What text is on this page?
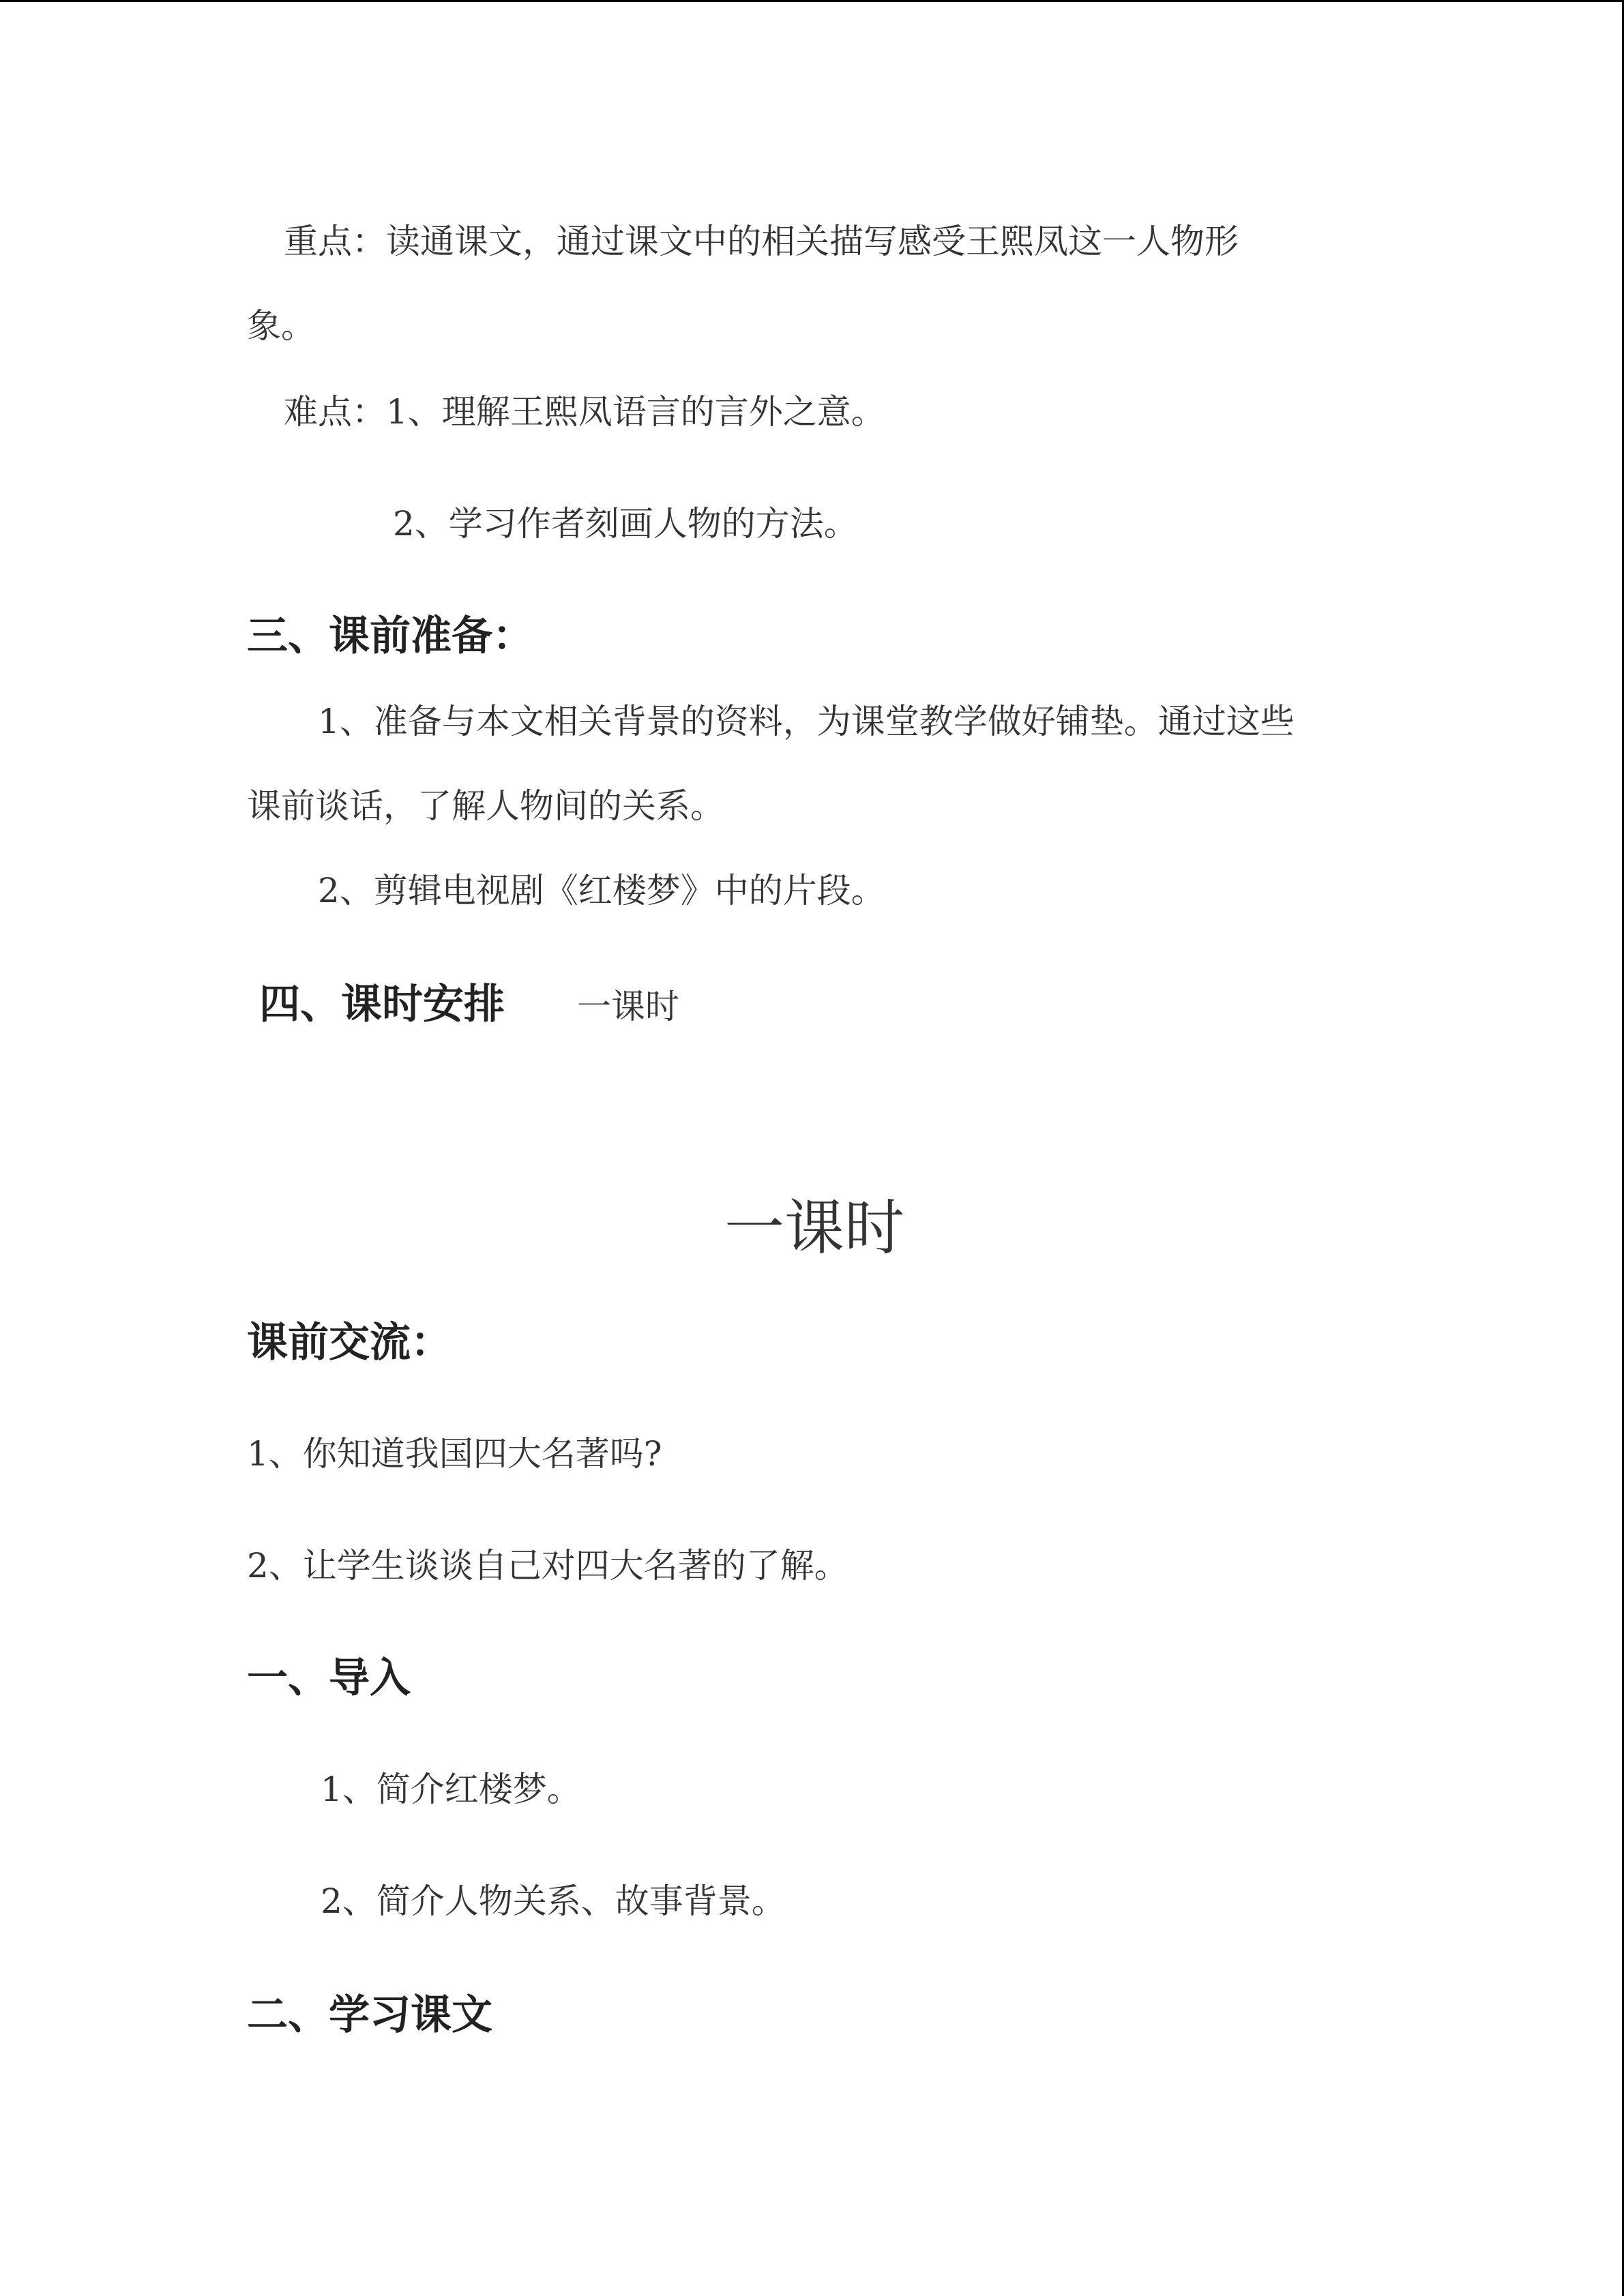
重点：读通课文，通过课文中的相关描写感受王熙凤这一人物形
象。
难点：1、理解王熙凤语言的言外之意。
2、学习作者刻画人物的方法。
三、课前准备：
1、准备与本文相关背景的资料，为课堂教学做好铺垫。通过这些
课前谈话，了解人物间的关系。
2、剪辑电视剧《红楼梦》中的片段。
四、课时安排 一课时
一课时
课前交流：
1、你知道我国四大名著吗?
2、让学生谈谈自己对四大名著的了解。
一、导入
1、简介红楼梦。
2、简介人物关系、故事背景。
二、学习课文
